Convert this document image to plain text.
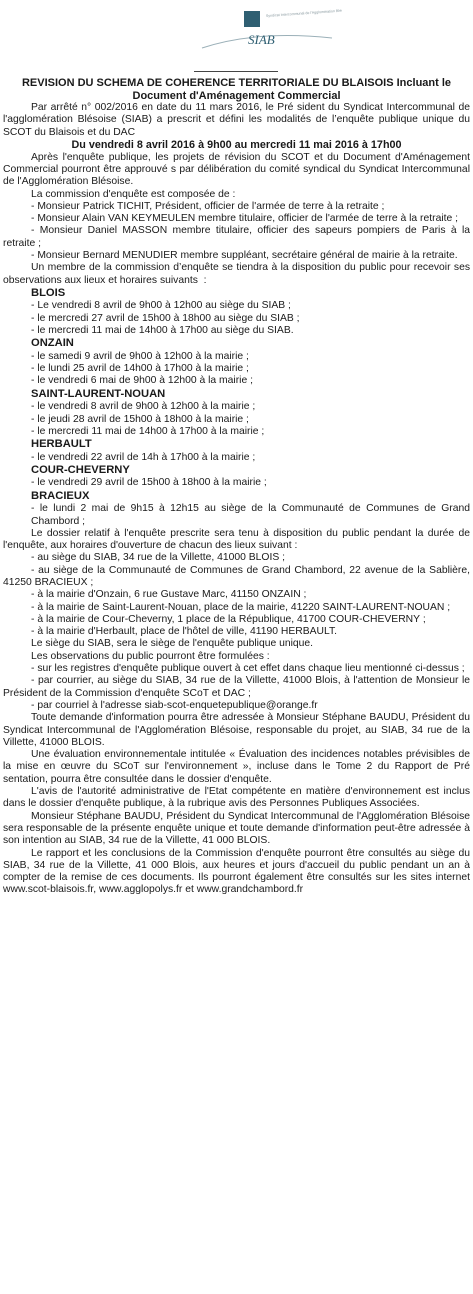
SIAB
Syndicat Intercommunal de l'Agglomération Blésoise

REVISION DU SCHEMA DE COHERENCE TERRITORIALE DU BLAISOIS Incluant le Document d'Aménagement Commercial

Par arrêté n° 002/2016 en date du 11 mars 2016, le Pré sident du Syndicat Intercommunal de l'agglomération Blésoise (SIAB) a prescrit et défini les modalités de l’enquête publique unique du SCOT du Blaisois et du DAC

Du vendredi 8 avril 2016 à 9h00 au mercredi 11 mai 2016 à 17h00

Après l'enquête publique, les projets de révision du SCOT et du Document d'Aménagement Commercial pourront être approuvé s par délibération du comité syndical du Syndicat Intercommunal de l'Agglomération Blésoise.

La commission d'enquête est composée de :

- Monsieur Patrick TICHIT, Président, officier de l'armée de terre à la retraite ;

- Monsieur Alain VAN KEYMEULEN membre titulaire, officier de l'armée de terre à la retraite ;

- Monsieur Daniel MASSON membre titulaire, officier des sapeurs pompiers de Paris à la retraite ;

- Monsieur Bernard MENUDIER membre suppléant, secrétaire général de mairie à la retraite.

Un membre de la commission d’enquête se tiendra à la disposition du public pour recevoir ses observations aux lieux et horaires suivants  :

BLOIS

- Le vendredi 8 avril de 9h00 à 12h00 au siège du SIAB ;

- le mercredi 27 avril de 15h00 à 18h00 au siège du SIAB ;

- le mercredi 11 mai de 14h00 à 17h00 au siège du SIAB.

ONZAIN

- le samedi 9 avril de 9h00 à 12h00 à la mairie ;

- le lundi 25 avril de 14h00 à 17h00 à la mairie ;

- le vendredi 6 mai de 9h00 à 12h00 à la mairie ;

SAINT-LAURENT-NOUAN

- le vendredi 8 avril de 9h00 à 12h00 à la mairie ;

- le jeudi 28 avril de 15h00 à 18h00 à la mairie ;

- le mercredi 11 mai de 14h00 à 17h00 à la mairie ;

HERBAULT

- le vendredi 22 avril de 14h à 17h00 à la mairie ;

COUR-CHEVERNY

- le vendredi 29 avril de 15h00 à 18h00 à la mairie ;

BRACIEUX

- le lundi 2 mai de 9h15 à 12h15 au siège de la Communauté de Communes de Grand Chambord ;

Le dossier relatif à l'enquête prescrite sera tenu à disposition du public pendant la durée de l'enquête, aux horaires d'ouverture de chacun des lieux suivant :

- au siège du SIAB, 34 rue de la Villette, 41000 BLOIS ;

- au siège de la Communauté de Communes de Grand Chambord, 22 avenue de la Sablière, 41250 BRACIEUX ;

- à la mairie d'Onzain, 6 rue Gustave Marc, 41150 ONZAIN ;

- à la mairie de Saint-Laurent-Nouan, place de la mairie, 41220 SAINT-LAURENT-NOUAN ;

- à la mairie de Cour-Cheverny, 1 place de la République, 41700 COUR-CHEVERNY ;

- à la mairie d'Herbault, place de l'hôtel de ville, 41190 HERBAULT.

Le siège du SIAB, sera le siège de l'enquête publique unique.

Les observations du public pourront être formulées :

- sur les registres d'enquête publique ouvert à cet effet dans chaque lieu mentionné ci-dessus ;

- par courrier, au siège du SIAB, 34 rue de la Villette, 41000 Blois, à l'attention de Monsieur le Président de la Commission d'enquête SCoT et DAC ;

- par courriel à l'adresse siab-scot-enquetepublique@orange.fr

Toute demande d'information pourra être adressée à Monsieur Stéphane BAUDU, Président du Syndicat Intercommunal de l'Agglomération Blésoise, responsable du projet, au SIAB, 34 rue de la Villette, 41000 BLOIS.

Une évaluation environnementale intitulée « Évaluation des incidences notables prévisibles de la mise en œuvre du SCoT sur l'environnement », incluse dans le Tome 2 du Rapport de Pré sentation, pourra être consultée dans le dossier d'enquête.

L'avis de l'autorité administrative de l'Etat compétente en matière d'environnement est inclus dans le dossier d'enquête publique, à la rubrique avis des Personnes Publiques Associées.

Monsieur Stéphane BAUDU, Président du Syndicat Intercommunal de l'Agglomération Blésoise sera responsable de la présente enquête unique et toute demande d'information peut-être adressée à son intention au SIAB, 34 rue de la Villette, 41 000 BLOIS.

Le rapport et les conclusions de la Commission d'enquête pourront être consultés au siège du SIAB, 34 rue de la Villette, 41 000 Blois, aux heures et jours d'accueil du public pendant un an à compter de la remise de ces documents. Ils pourront également être consultés sur les sites internet www.scot-blaisois.fr, www.agglopolys.fr et www.grandchambord.fr
